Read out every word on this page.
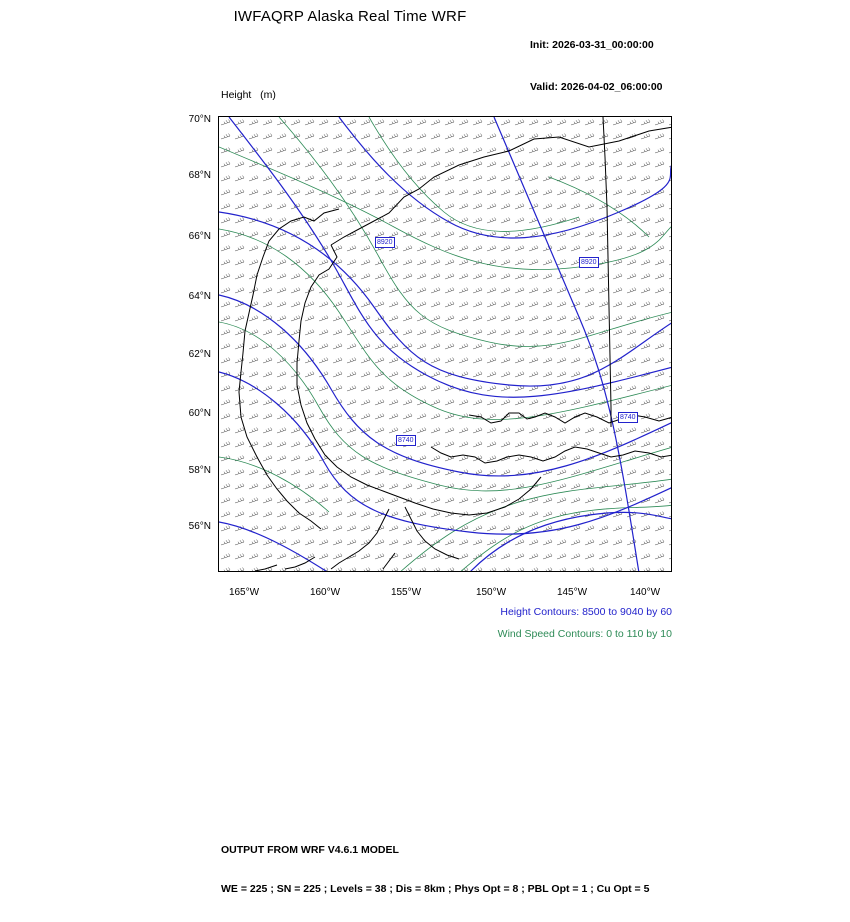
IWFAQRP Alaska Real Time WRF

Init: 2026-03-31_00:00:00

Valid: 2026-04-02_06:00:00

Height   (m)

70°N
68°N
66°N
64°N
62°N
60°N
58°N
56°N
165°W	160°W	155°W	150°W	145°W	140°W
8920
8920
8740
8740
Height Contours: 8500 to 9040 by 60
Wind Speed Contours: 0 to 110 by 10

OUTPUT FROM WRF V4.6.1 MODEL

WE = 225 ; SN = 225 ; Levels = 38 ; Dis = 8km ; Phys Opt = 8 ; PBL Opt = 1 ; Cu Opt = 5
